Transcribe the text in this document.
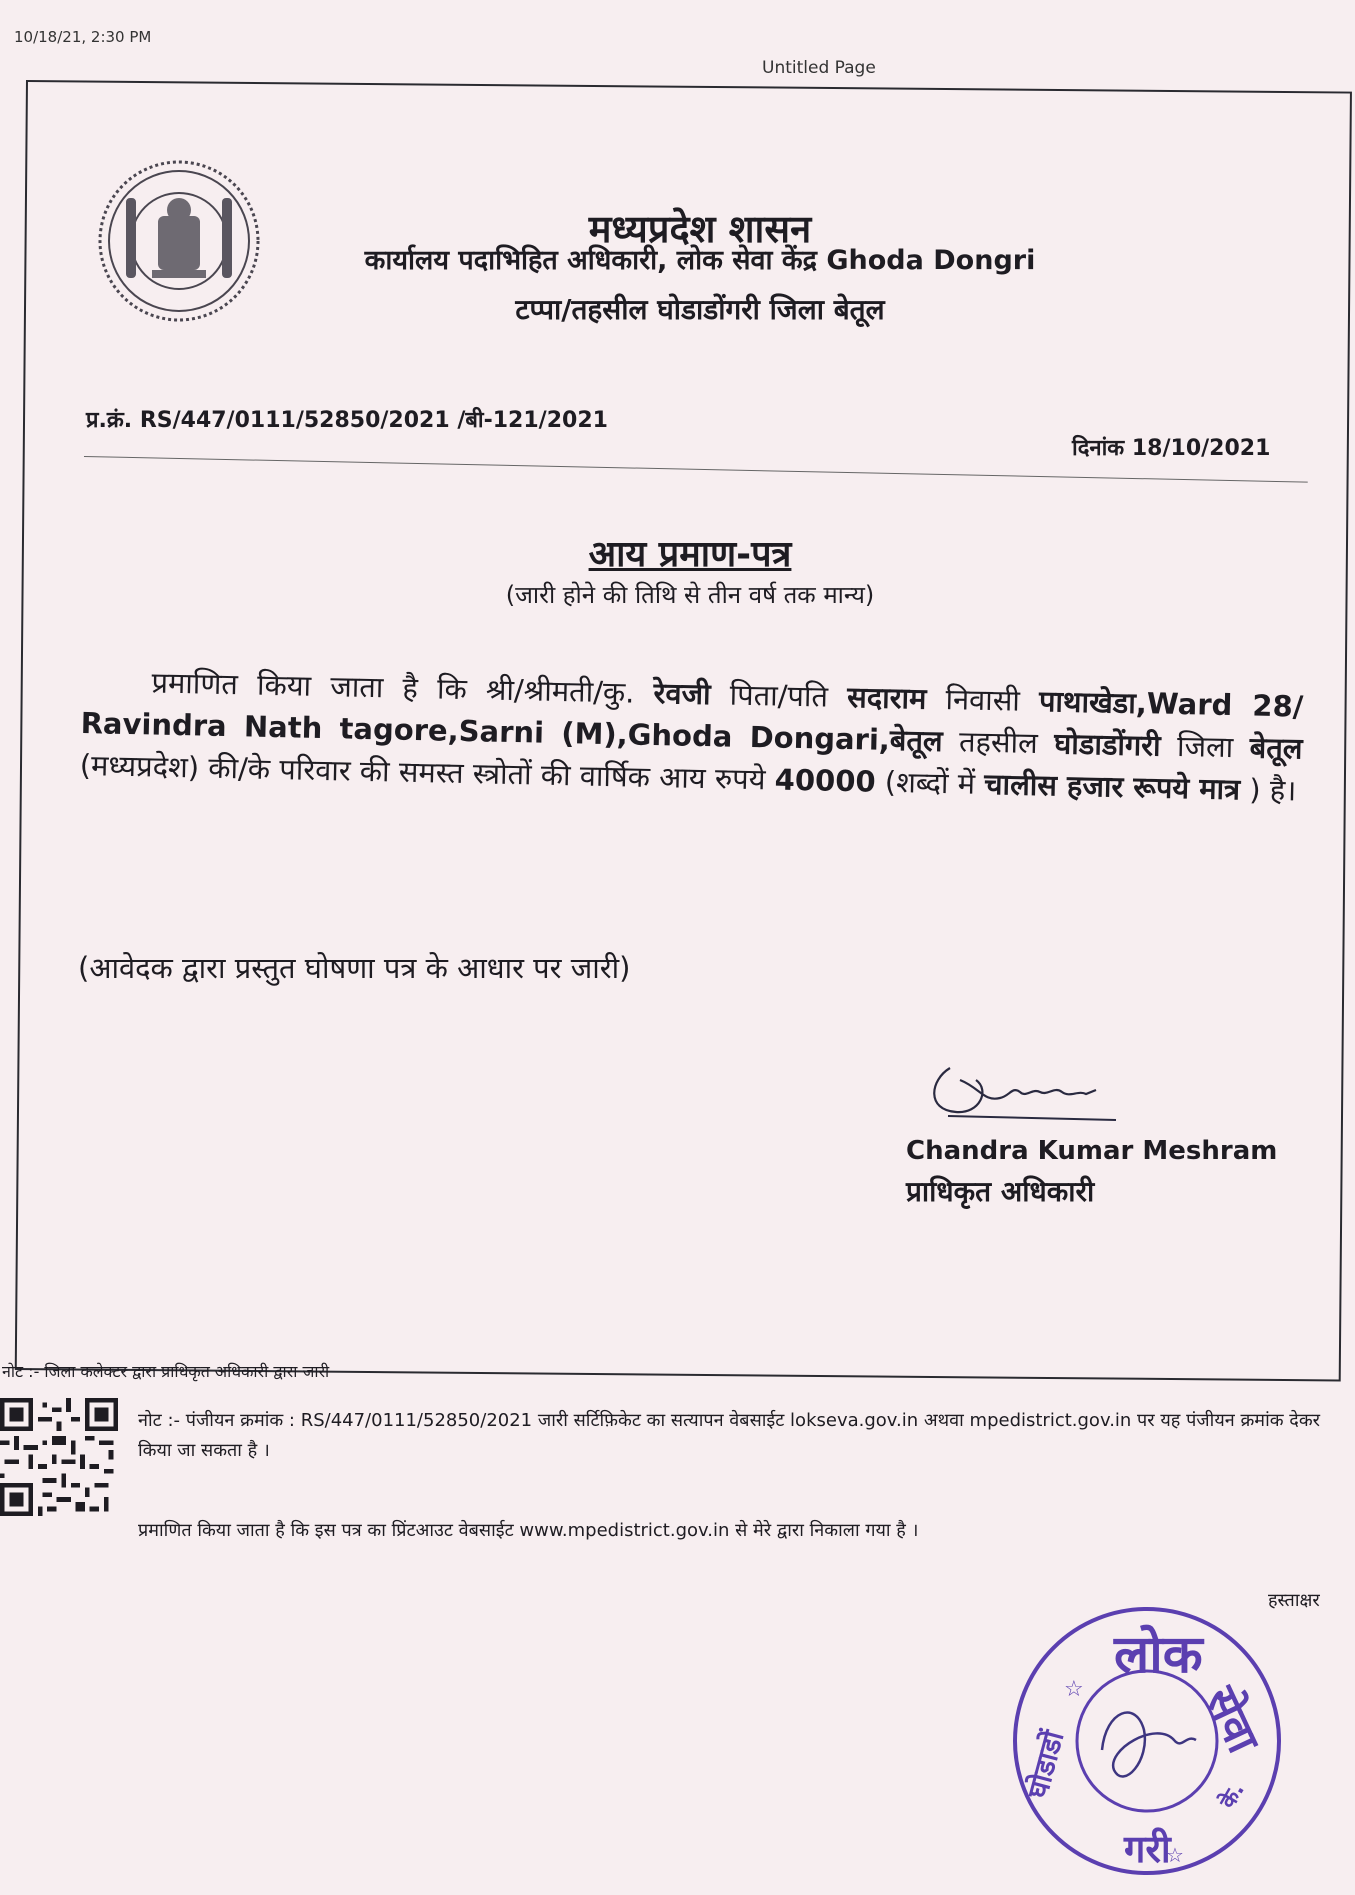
10/18/21, 2:30 PM
Untitled Page
मध्यप्रदेश शासन
कार्यालय पदाभिहित अधिकारी, लोक सेवा केंद्र Ghoda Dongri
टप्पा/तहसील घोडाडोंगरी जिला बेतूल
प्र.क्रं. RS/447/0111/52850/2021 /बी-121/2021
दिनांक 18/10/2021
आय प्रमाण-पत्र
(जारी होने की तिथि से तीन वर्ष तक मान्य)
प्रमाणित किया जाता है कि श्री/श्रीमती/कु. रेवजी पिता/पति सदाराम निवासी पाथाखेडा,Ward 28/ Ravindra Nath tagore,Sarni (M),Ghoda Dongari,बेतूल तहसील घोडाडोंगरी जिला बेतूल (मध्यप्रदेश) की/के परिवार की समस्त स्त्रोतों की वार्षिक आय रुपये 40000 (शब्दों में चालीस हजार रूपये मात्र ) है।
(आवेदक द्वारा प्रस्तुत घोषणा पत्र के आधार पर जारी)
Chandra Kumar Meshram
प्राधिकृत अधिकारी
नोट :- जिला कलेक्टर द्वारा प्राधिकृत अधिकारी द्वारा जारी
नोट :- पंजीयन क्रमांक : RS/447/0111/52850/2021 जारी सर्टिफ़िकेट का सत्यापन वेबसाईट lokseva.gov.in अथवा mpedistrict.gov.in पर यह पंजीयन क्रमांक देकर किया जा सकता है ।
प्रमाणित किया जाता है कि इस पत्र का प्रिंटआउट वेबसाईट www.mpedistrict.gov.in से मेरे द्वारा निकाला गया है ।
हस्ताक्षर
लोक
सेवा
गरी
घोडाडों	के.
☆
☆
